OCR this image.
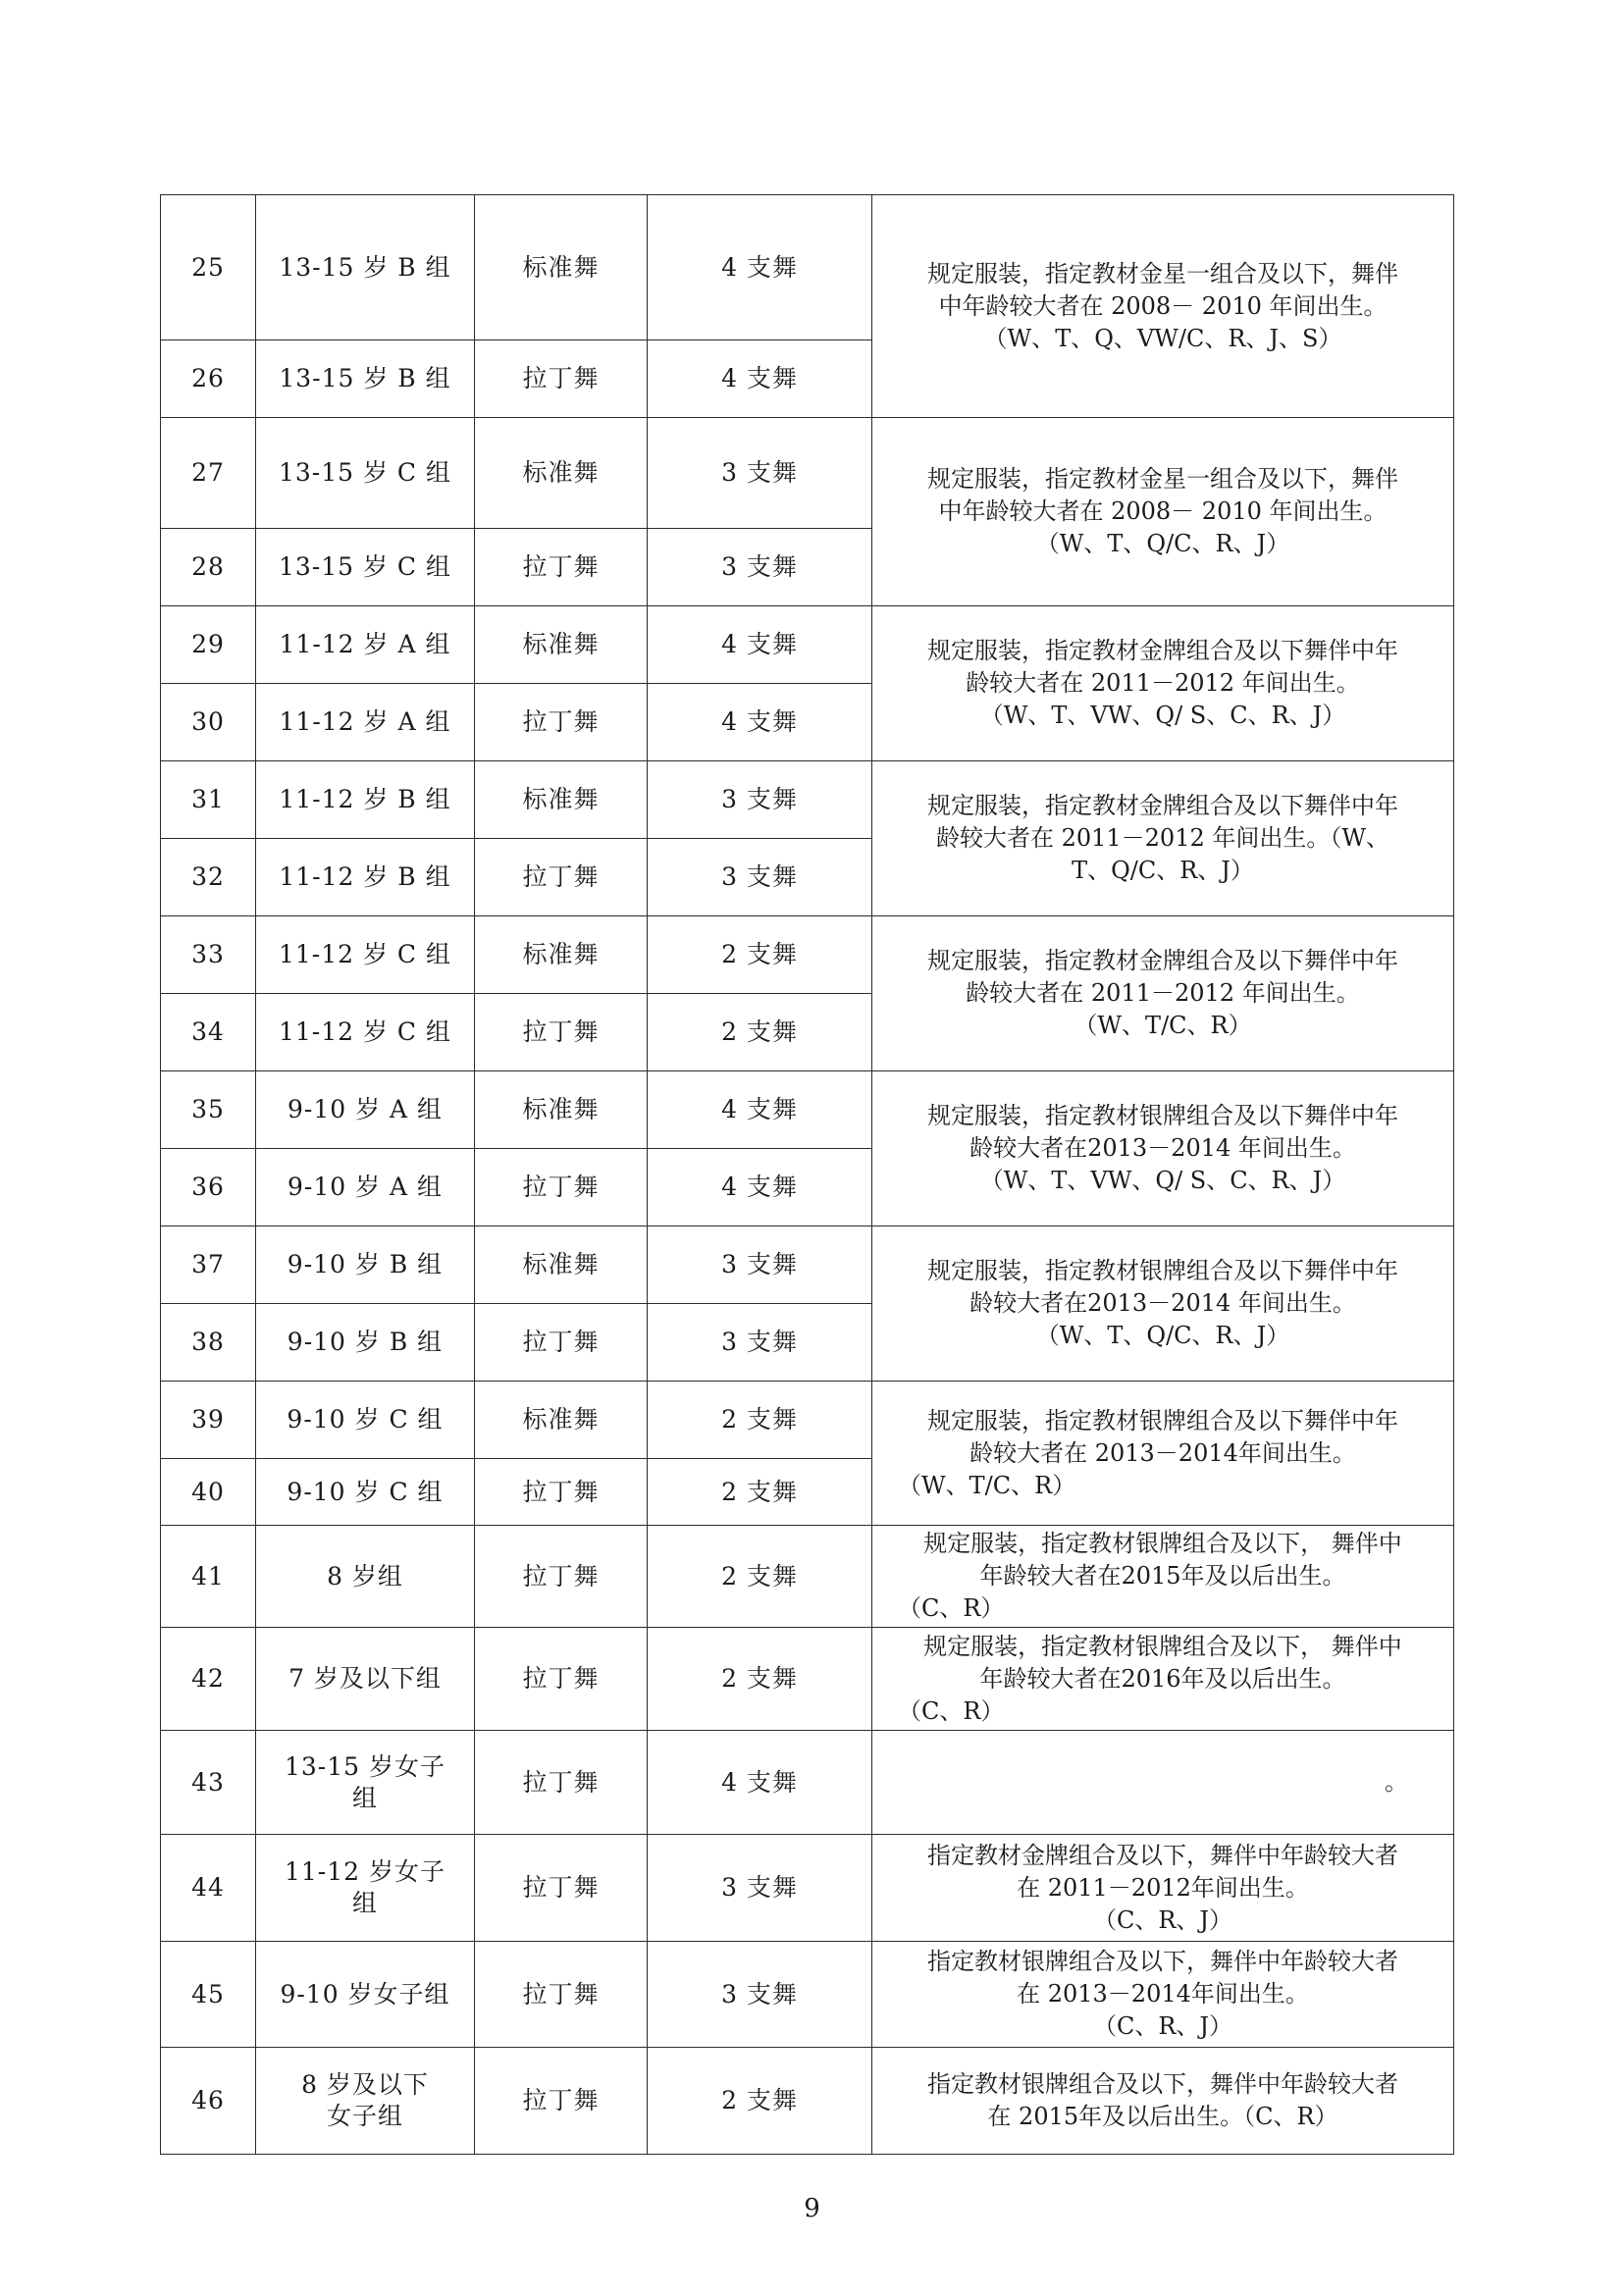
25	13-15 岁 B 组	标准舞	4 支舞	规定服装，指定教材金星一组合及以下，舞伴
中年龄较大者在 2008－ 2010 年间出生。
（W、T、Q、VW/C、R、J、S）

26	13-15 岁 B 组	拉丁舞	4 支舞	
27	13-15 岁 C 组	标准舞	3 支舞	规定服装，指定教材金星一组合及以下，舞伴
中年龄较大者在 2008－ 2010 年间出生。
（W、T、Q/C、R、J）

28	13-15 岁 C 组	拉丁舞	3 支舞	
29	11-12 岁 A 组	标准舞	4 支舞	规定服装，指定教材金牌组合及以下舞伴中年
龄较大者在 2011－2012 年间出生。
（W、T、VW、Q/ S、C、R、J）

30	11-12 岁 A 组	拉丁舞	4 支舞	
31	11-12 岁 B 组	标准舞	3 支舞	规定服装，指定教材金牌组合及以下舞伴中年
龄较大者在 2011－2012 年间出生。（W、
T、Q/C、R、J）

32	11-12 岁 B 组	拉丁舞	3 支舞	
33	11-12 岁 C 组	标准舞	2 支舞	规定服装，指定教材金牌组合及以下舞伴中年
龄较大者在 2011－2012 年间出生。
（W、T/C、R）

34	11-12 岁 C 组	拉丁舞	2 支舞	
35	9-10 岁 A 组	标准舞	4 支舞	规定服装，指定教材银牌组合及以下舞伴中年
龄较大者在2013－2014 年间出生。
（W、T、VW、Q/ S、C、R、J）

36	9-10 岁 A 组	拉丁舞	4 支舞	
37	9-10 岁 B 组	标准舞	3 支舞	规定服装，指定教材银牌组合及以下舞伴中年
龄较大者在2013－2014 年间出生。
（W、T、Q/C、R、J）

38	9-10 岁 B 组	拉丁舞	3 支舞	
39	9-10 岁 C 组	标准舞	2 支舞	规定服装，指定教材银牌组合及以下舞伴中年
龄较大者在 2013－2014年间出生。
（W、T/C、R）

40	9-10 岁 C 组	拉丁舞	2 支舞	
41	8 岁组	拉丁舞	2 支舞	规定服装，指定教材银牌组合及以下， 舞伴中
年龄较大者在2015年及以后出生。
（C、R）

42	7 岁及以下组	拉丁舞	2 支舞	规定服装，指定教材银牌组合及以下， 舞伴中
年龄较大者在2016年及以后出生。
（C、R）

43	13-15 岁女子
组	拉丁舞	4 支舞	。

44	11-12 岁女子
组	拉丁舞	3 支舞	指定教材金牌组合及以下，舞伴中年龄较大者
在 2011－2012年间出生。
（C、R、J）

45	9-10 岁女子组	拉丁舞	3 支舞	指定教材银牌组合及以下，舞伴中年龄较大者
在 2013－2014年间出生。
（C、R、J）

46	8 岁及以下
女子组	拉丁舞	2 支舞	指定教材银牌组合及以下，舞伴中年龄较大者
在 2015年及以后出生。（C、R）
9
